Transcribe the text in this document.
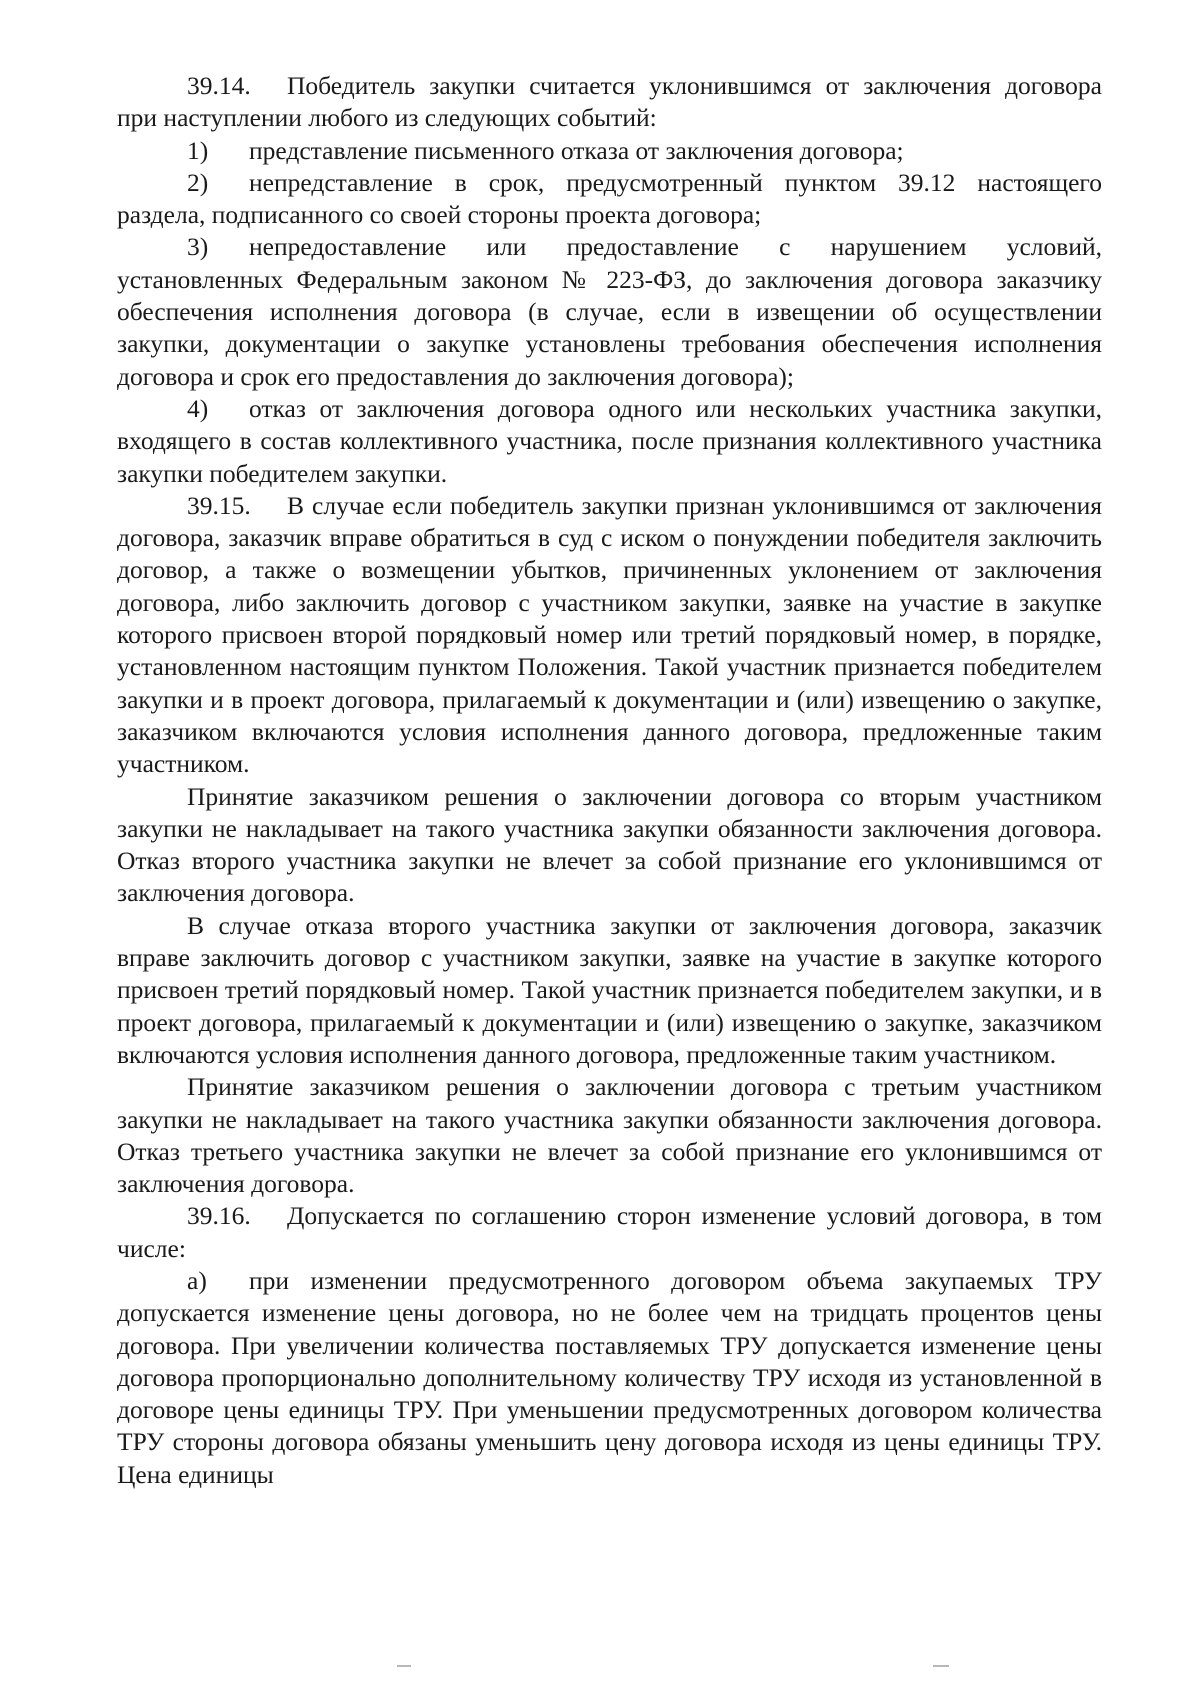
39.14. Победитель закупки считается уклонившимся от заключения договора при наступлении любого из следующих событий:

1) представление письменного отказа от заключения договора;

2) непредставление в срок, предусмотренный пунктом 39.12 настоящего раздела, подписанного со своей стороны проекта договора;

3) непредоставление или предоставление с нарушением условий, установленных Федеральным законом № 223-ФЗ, до заключения договора заказчику обеспечения исполнения договора (в случае, если в извещении об осуществлении закупки, документации о закупке установлены требования обеспечения исполнения договора и срок его предоставления до заключения договора);

4) отказ от заключения договора одного или нескольких участника закупки, входящего в состав коллективного участника, после признания коллективного участника закупки победителем закупки.

39.15. В случае если победитель закупки признан уклонившимся от заключения договора, заказчик вправе обратиться в суд с иском о понуждении победителя заключить договор, а также о возмещении убытков, причиненных уклонением от заключения договора, либо заключить договор с участником закупки, заявке на участие в закупке которого присвоен второй порядковый номер или третий порядковый номер, в порядке, установленном настоящим пунктом Положения. Такой участник признается победителем закупки и в проект договора, прилагаемый к документации и (или) извещению о закупке, заказчиком включаются условия исполнения данного договора, предложенные таким участником.

Принятие заказчиком решения о заключении договора со вторым участником закупки не накладывает на такого участника закупки обязанности заключения договора. Отказ второго участника закупки не влечет за собой признание его уклонившимся от заключения договора.

В случае отказа второго участника закупки от заключения договора, заказчик вправе заключить договор с участником закупки, заявке на участие в закупке которого присвоен третий порядковый номер. Такой участник признается победителем закупки, и в проект договора, прилагаемый к документации и (или) извещению о закупке, заказчиком включаются условия исполнения данного договора, предложенные таким участником.

Принятие заказчиком решения о заключении договора с третьим участником закупки не накладывает на такого участника закупки обязанности заключения договора. Отказ третьего участника закупки не влечет за собой признание его уклонившимся от заключения договора.

39.16. Допускается по соглашению сторон изменение условий договора, в том числе:

а) при изменении предусмотренного договором объема закупаемых ТРУ допускается изменение цены договора, но не более чем на тридцать процентов цены договора. При увеличении количества поставляемых ТРУ допускается изменение цены договора пропорционально дополнительному количеству ТРУ исходя из установленной в договоре цены единицы ТРУ. При уменьшении предусмотренных договором количества ТРУ стороны договора обязаны уменьшить цену договора исходя из цены единицы ТРУ. Цена единицы
